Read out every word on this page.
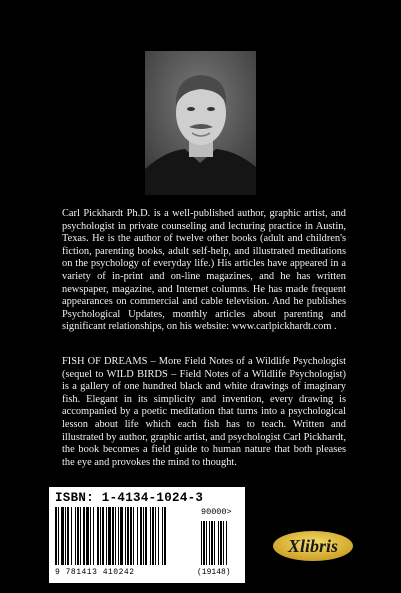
Carl Pickhardt Ph.D. is a well-published author, graphic artist, and psychologist in private counseling and lecturing practice in Austin, Texas. He is the author of twelve other books (adult and children's fiction, parenting books, adult self-help, and illustrated meditations on the psychology of everyday life.) His articles have appeared in a variety of in-print and on-line magazines, and he has written newspaper, magazine, and Internet columns. He has made frequent appearances on commercial and cable television. And he publishes Psychological Updates, monthly articles about parenting and significant relationships, on his website: www.carlpickhardt.com .

FISH OF DREAMS – More Field Notes of a Wildlife Psychologist (sequel to WILD BIRDS – Field Notes of a Wildlife Psychologist) is a gallery of one hundred black and white drawings of imaginary fish. Elegant in its simplicity and invention, every drawing is accompanied by a poetic meditation that turns into a psychological lesson about life which each fish has to teach. Written and illustrated by author, graphic artist, and psychologist Carl Pickhardt, the book becomes a field guide to human nature that both pleases the eye and provokes the mind to thought.

ISBN: 1-4134-1024-3
90000>
9 781413 410242	(19148)
Xlibris
